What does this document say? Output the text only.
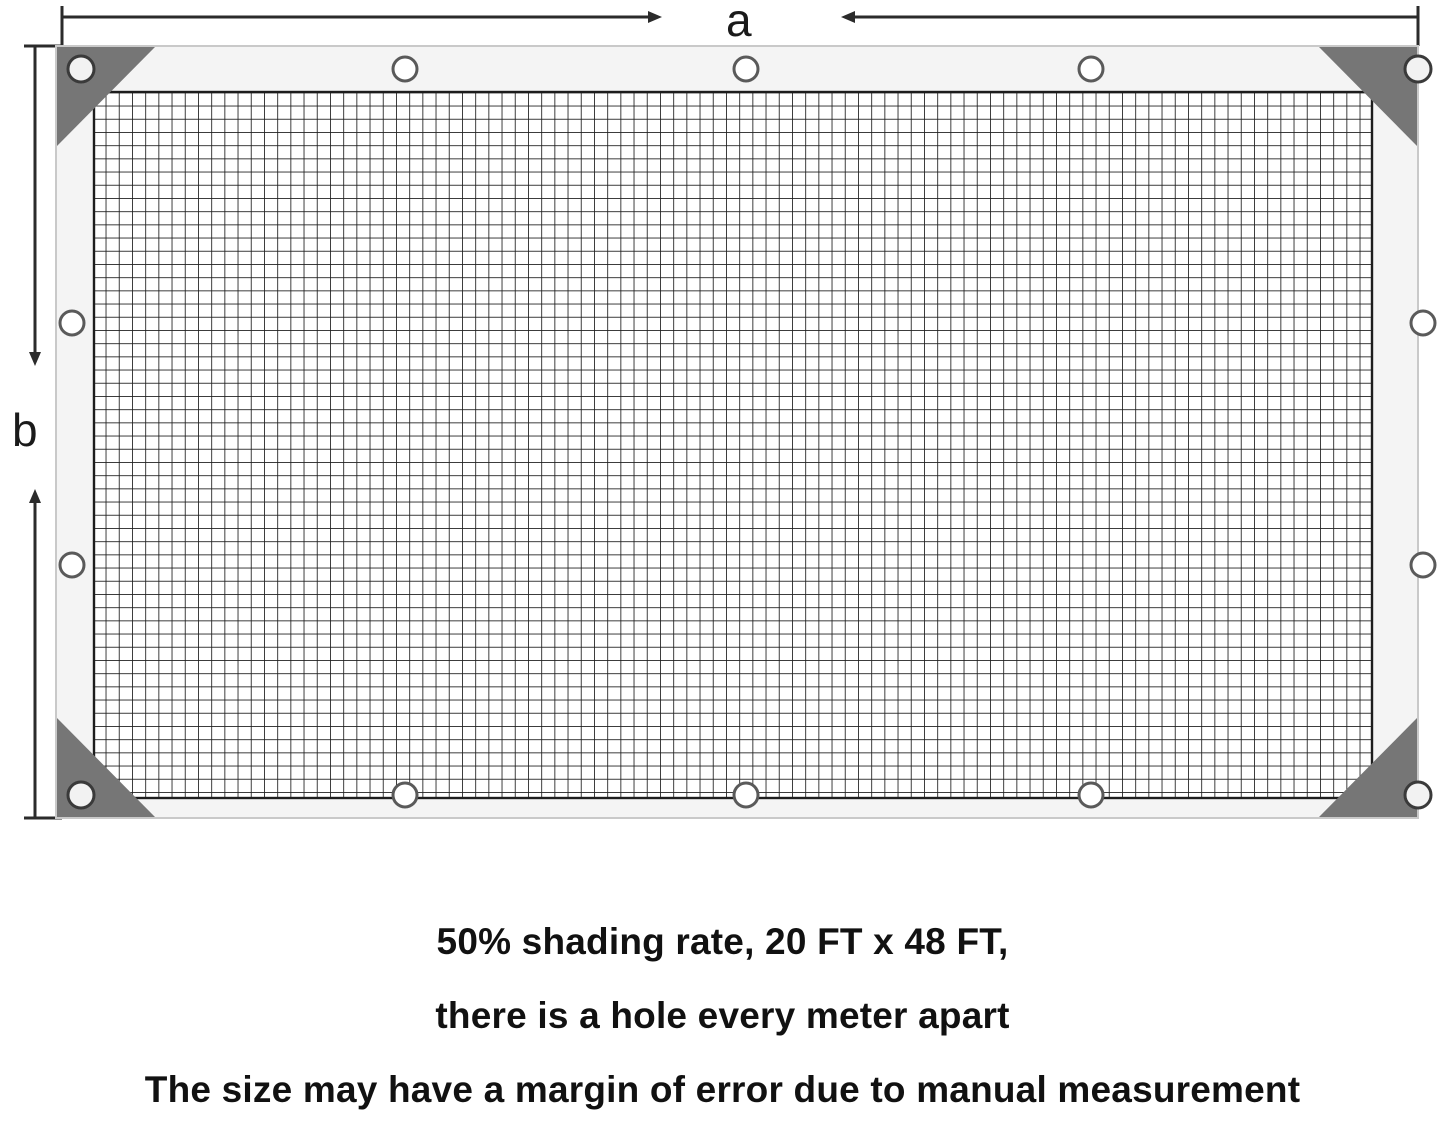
a
b
50% shading rate, 20 FT x 48 FT,
there is a hole every meter apart
The size may have a margin of error due to manual measurement
